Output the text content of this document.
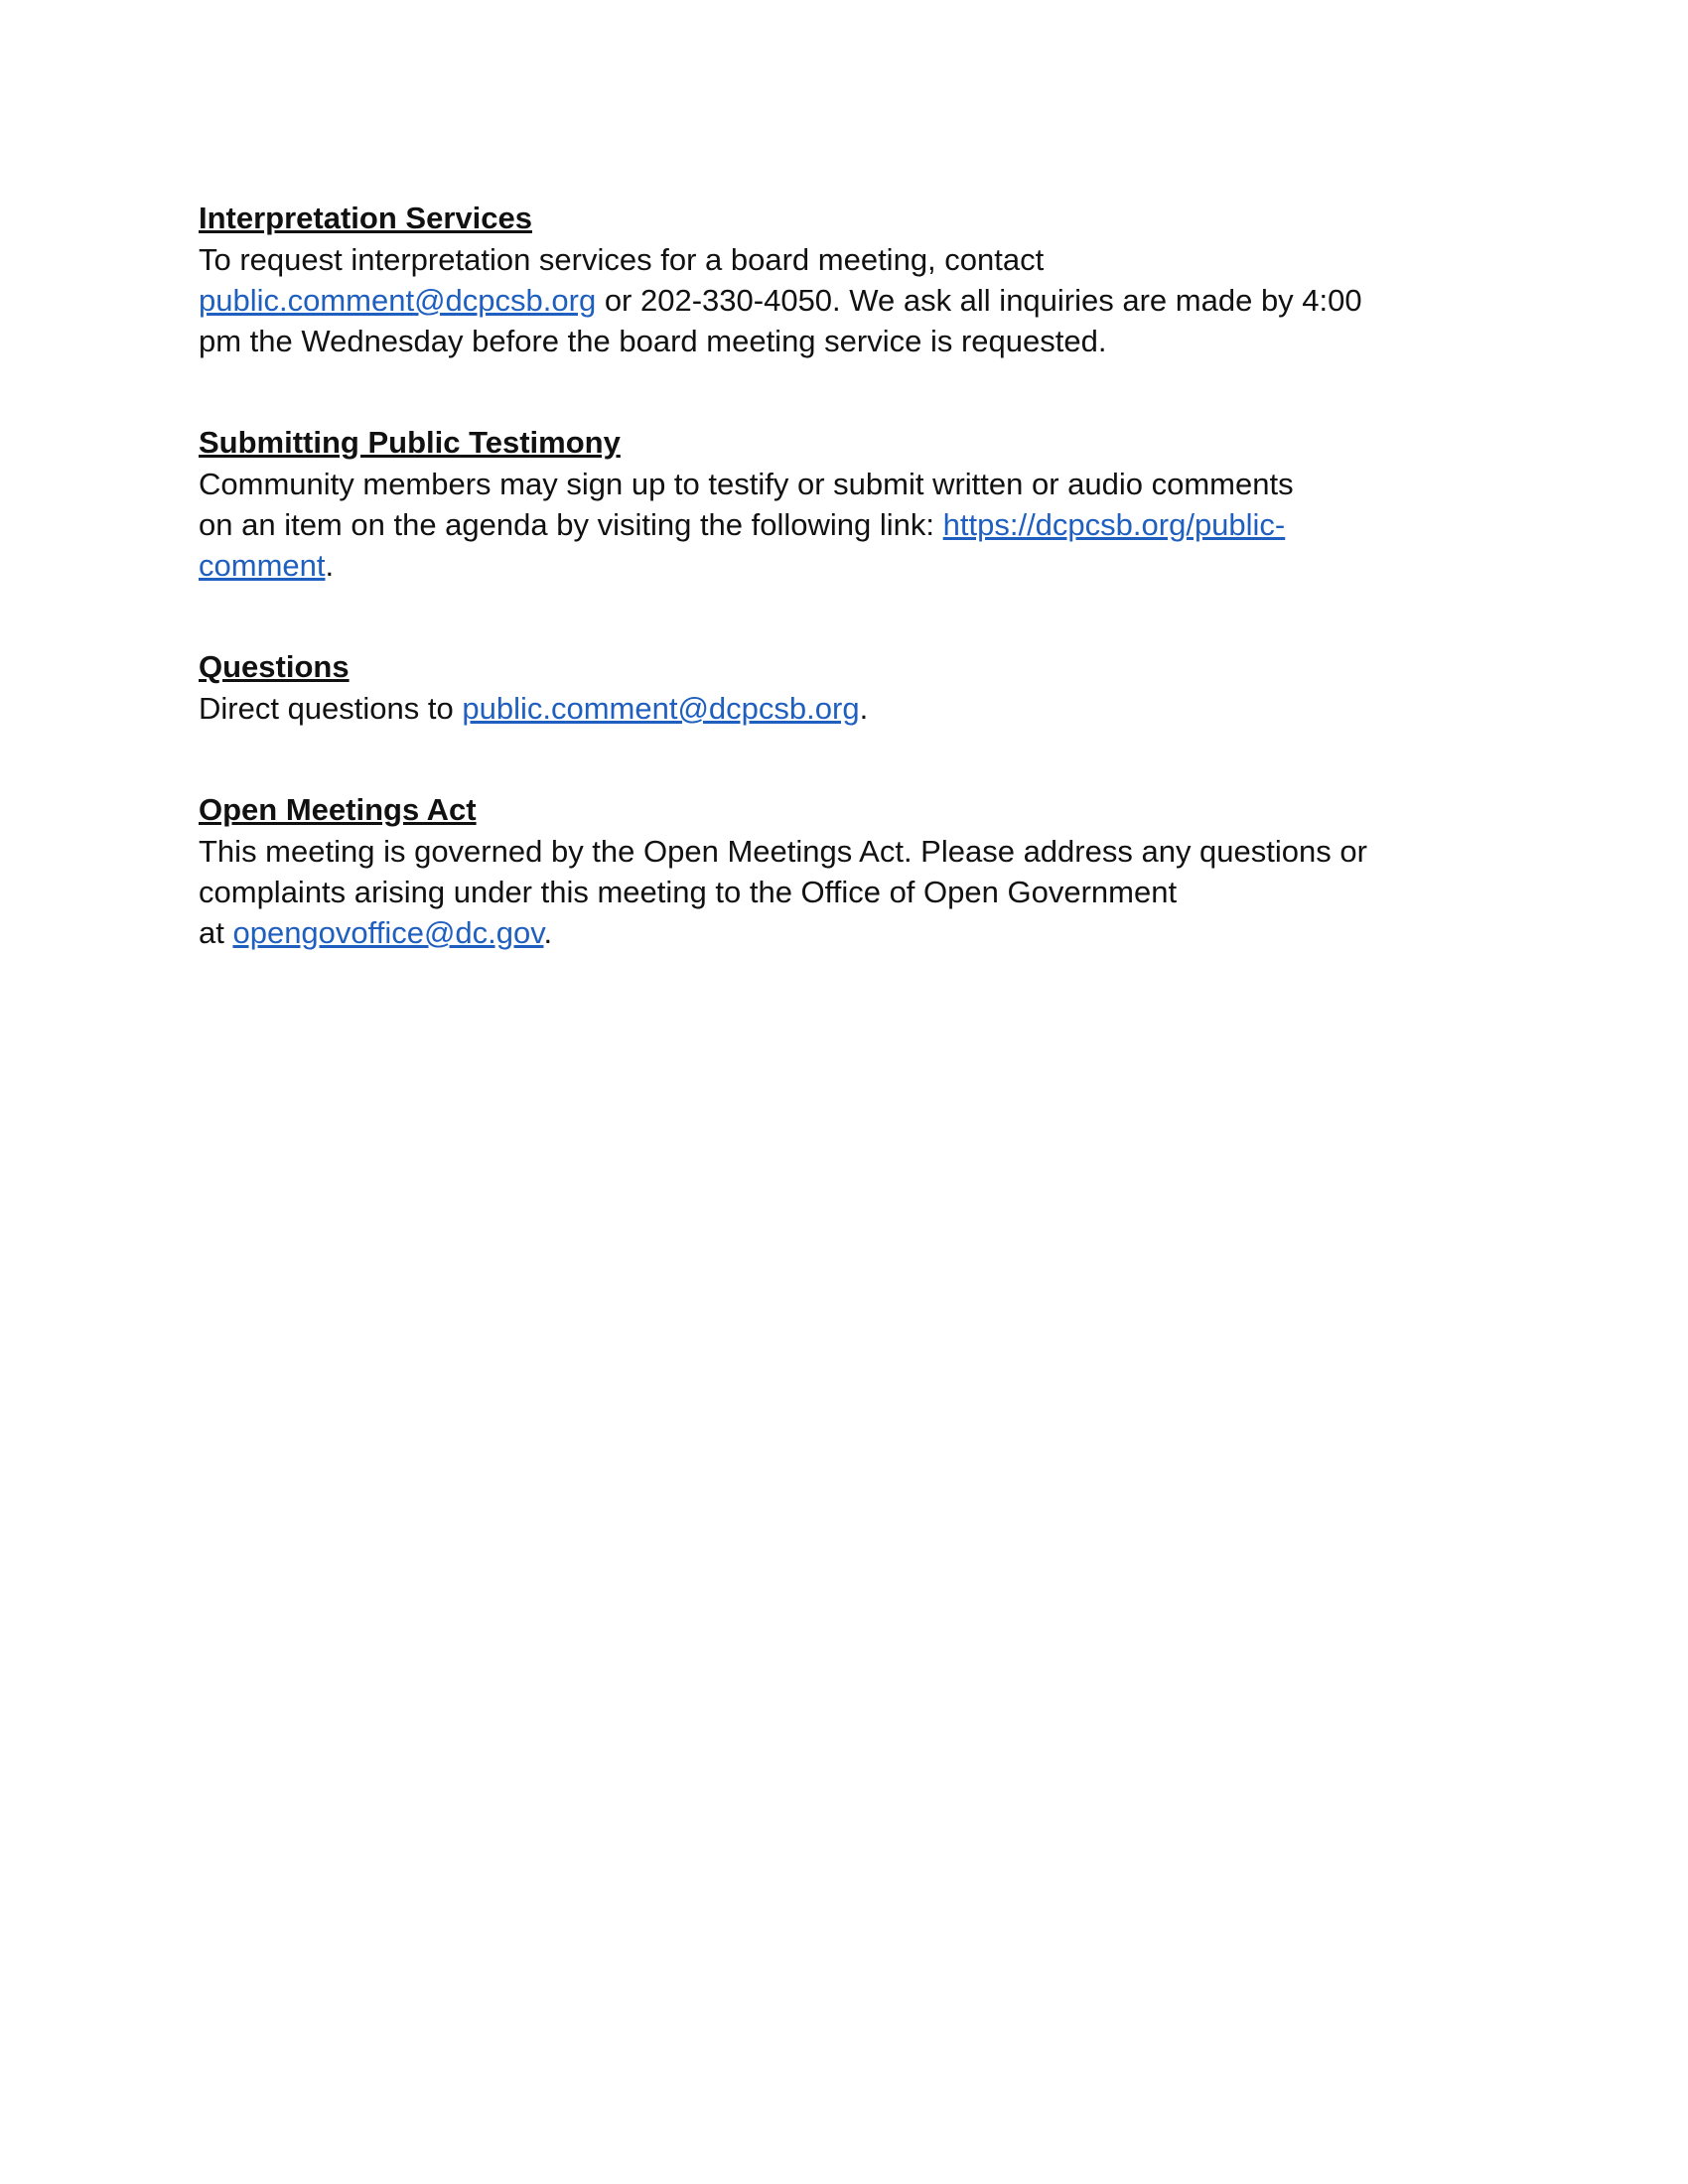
Interpretation Services
To request interpretation services for a board meeting, contact
public.comment@dcpcsb.org or 202-330-4050. We ask all inquiries are made by 4:00
pm the Wednesday before the board meeting service is requested.
Submitting Public Testimony
Community members may sign up to testify or submit written or audio comments
on an item on the agenda by visiting the following link: https://dcpcsb.org/public-
comment.
Questions
Direct questions to public.comment@dcpcsb.org.
Open Meetings Act
This meeting is governed by the Open Meetings Act. Please address any questions or
complaints arising under this meeting to the Office of Open Government
at opengovoffice@dc.gov.
